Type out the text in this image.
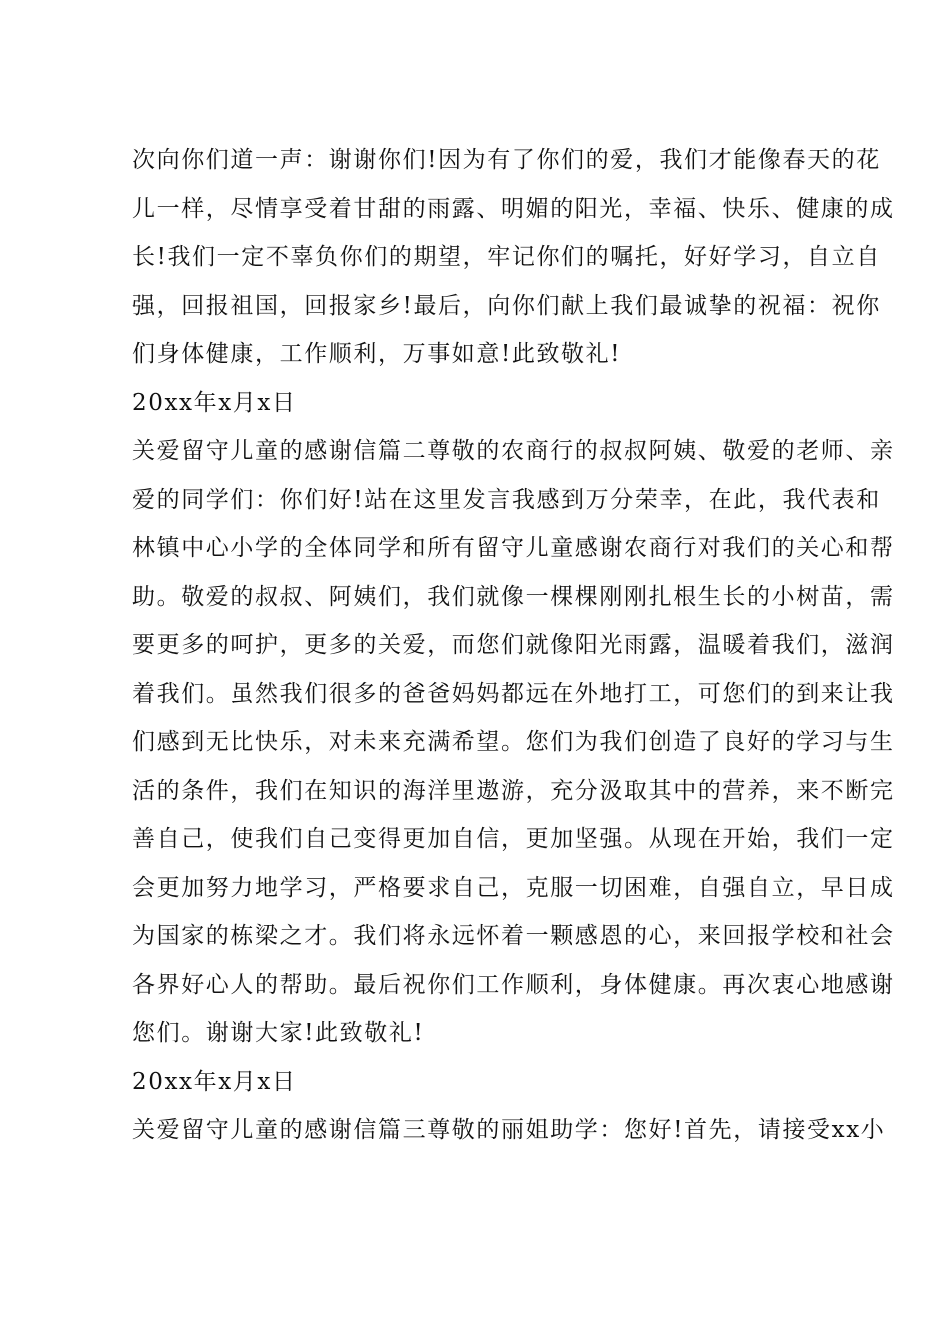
次向你们道一声：谢谢你们!因为有了你们的爱，我们才能像春天的花
儿一样，尽情享受着甘甜的雨露、明媚的阳光，幸福、快乐、健康的成
长!我们一定不辜负你们的期望，牢记你们的嘱托，好好学习，自立自
强，回报祖国，回报家乡!最后，向你们献上我们最诚挚的祝福：祝你
们身体健康，工作顺利，万事如意!此致敬礼!
20xx年x月x日
关爱留守儿童的感谢信篇二尊敬的农商行的叔叔阿姨、敬爱的老师、亲
爱的同学们：你们好!站在这里发言我感到万分荣幸，在此，我代表和
林镇中心小学的全体同学和所有留守儿童感谢农商行对我们的关心和帮
助。敬爱的叔叔、阿姨们，我们就像一棵棵刚刚扎根生长的小树苗，需
要更多的呵护，更多的关爱，而您们就像阳光雨露，温暖着我们，滋润
着我们。虽然我们很多的爸爸妈妈都远在外地打工，可您们的到来让我
们感到无比快乐，对未来充满希望。您们为我们创造了良好的学习与生
活的条件，我们在知识的海洋里遨游，充分汲取其中的营养，来不断完
善自己，使我们自己变得更加自信，更加坚强。从现在开始，我们一定
会更加努力地学习，严格要求自己，克服一切困难，自强自立，早日成
为国家的栋梁之才。我们将永远怀着一颗感恩的心，来回报学校和社会
各界好心人的帮助。最后祝你们工作顺利，身体健康。再次衷心地感谢
您们。谢谢大家!此致敬礼!
20xx年x月x日
关爱留守儿童的感谢信篇三尊敬的丽姐助学：您好!首先，请接受xx小
